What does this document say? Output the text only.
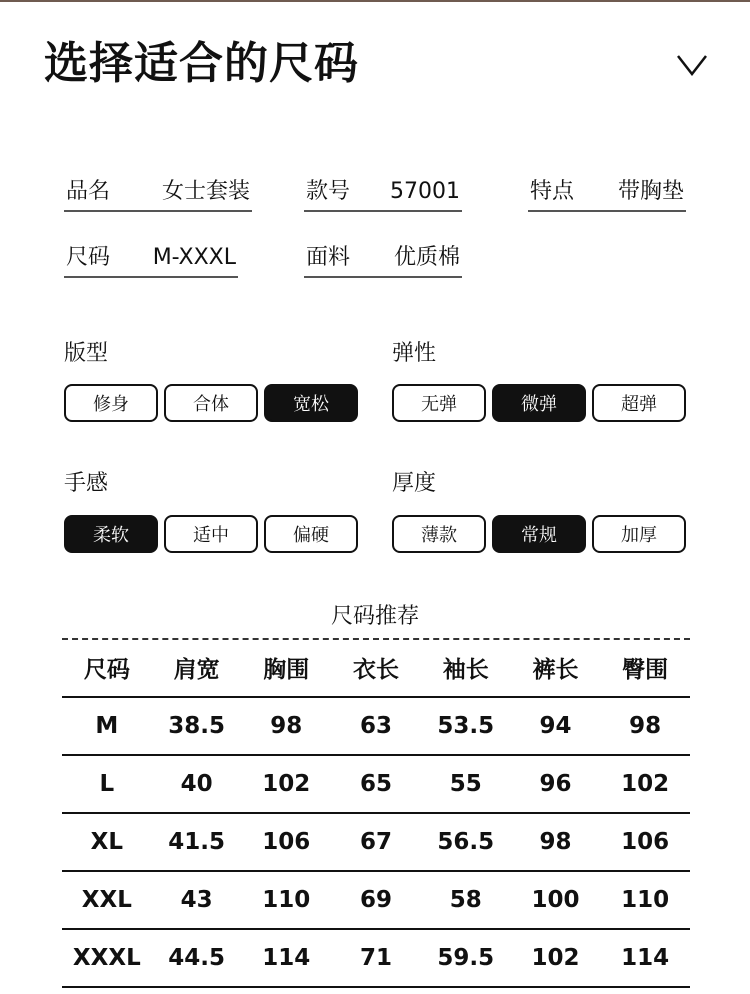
选择适合的尺码
品名 女士套装	款号 57001	特点 带胸垫
尺码 M-XXXL	面料 优质棉
版型
修身	合体	宽松
弹性
无弹	微弹	超弹
手感
柔软	适中	偏硬
厚度
薄款	常规	加厚
尺码推荐
尺码	肩宽	胸围	衣长	袖长	裤长	臀围
M	38.5	98	63	53.5	94	98
L	40	102	65	55	96	102
XL	41.5	106	67	56.5	98	106
XXL	43	110	69	58	100	110
XXXL	44.5	114	71	59.5	102	114
